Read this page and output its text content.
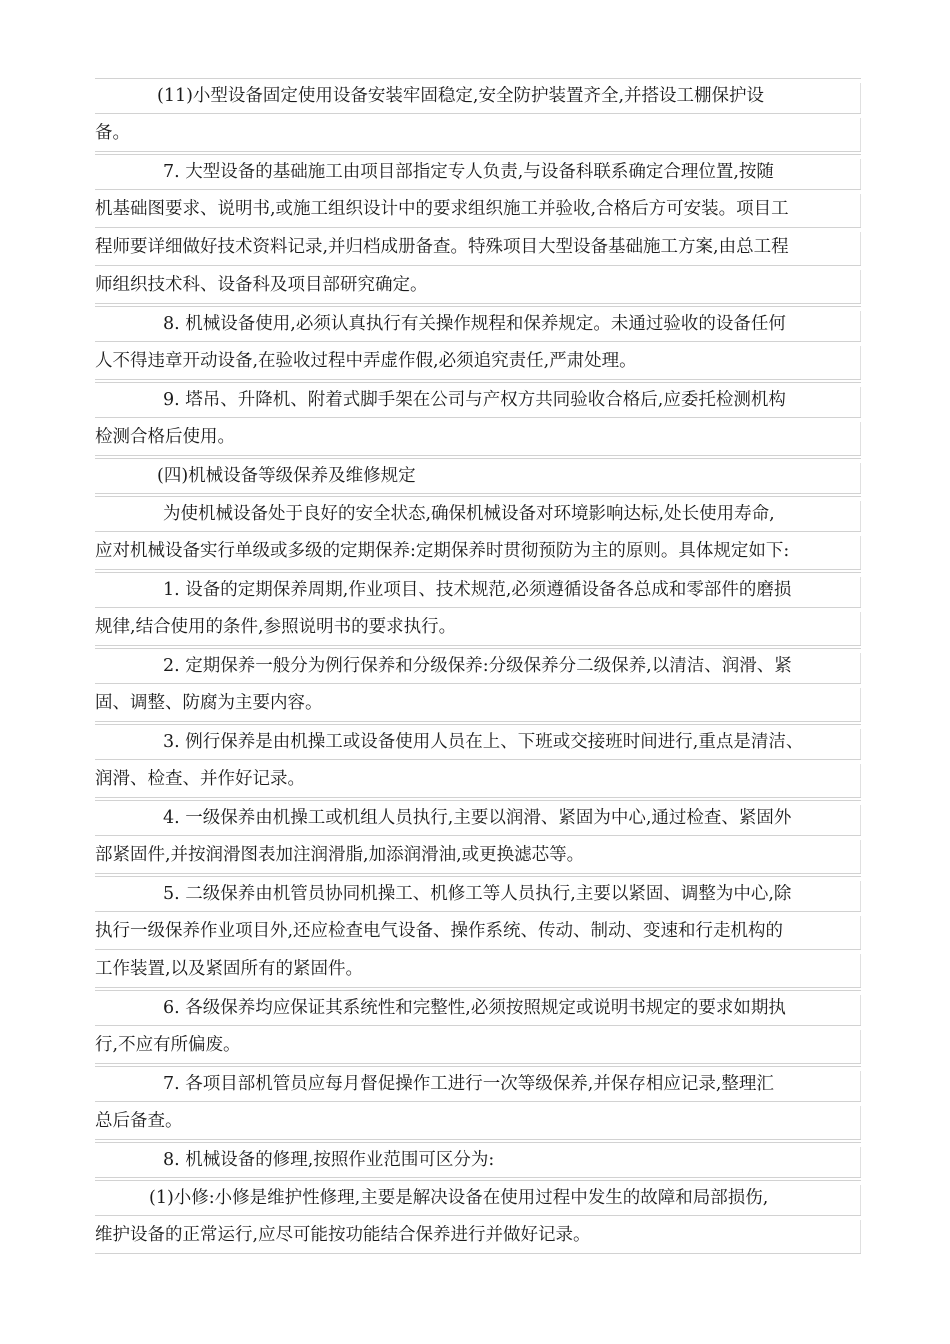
(11)小型设备固定使用设备安装牢固稳定,安全防护装置齐全,并搭设工棚保护设
备。
7. 大型设备的基础施工由项目部指定专人负责,与设备科联系确定合理位置,按随
机基础图要求、说明书,或施工组织设计中的要求组织施工并验收,合格后方可安装。项目工
程师要详细做好技术资料记录,并归档成册备查。特殊项目大型设备基础施工方案,由总工程
师组织技术科、设备科及项目部研究确定。
8. 机械设备使用,必须认真执行有关操作规程和保养规定。未通过验收的设备任何
人不得违章开动设备,在验收过程中弄虚作假,必须追究责任,严肃处理。
9. 塔吊、升降机、附着式脚手架在公司与产权方共同验收合格后,应委托检测机构
检测合格后使用。
(四)机械设备等级保养及维修规定
为使机械设备处于良好的安全状态,确保机械设备对环境影响达标,处长使用寿命,
应对机械设备实行单级或多级的定期保养:定期保养时贯彻预防为主的原则。具体规定如下:
1. 设备的定期保养周期,作业项目、技术规范,必须遵循设备各总成和零部件的磨损
规律,结合使用的条件,参照说明书的要求执行。
2. 定期保养一般分为例行保养和分级保养:分级保养分二级保养,以清洁、润滑、紧
固、调整、防腐为主要内容。
3. 例行保养是由机操工或设备使用人员在上、下班或交接班时间进行,重点是清洁、
润滑、检查、并作好记录。
4. 一级保养由机操工或机组人员执行,主要以润滑、紧固为中心,通过检查、紧固外
部紧固件,并按润滑图表加注润滑脂,加添润滑油,或更换滤芯等。
5. 二级保养由机管员协同机操工、机修工等人员执行,主要以紧固、调整为中心,除
执行一级保养作业项目外,还应检查电气设备、操作系统、传动、制动、变速和行走机构的
工作装置,以及紧固所有的紧固件。
6. 各级保养均应保证其系统性和完整性,必须按照规定或说明书规定的要求如期执
行,不应有所偏废。
7. 各项目部机管员应每月督促操作工进行一次等级保养,并保存相应记录,整理汇
总后备查。
8. 机械设备的修理,按照作业范围可区分为:
(1)小修:小修是维护性修理,主要是解决设备在使用过程中发生的故障和局部损伤,
维护设备的正常运行,应尽可能按功能结合保养进行并做好记录。
